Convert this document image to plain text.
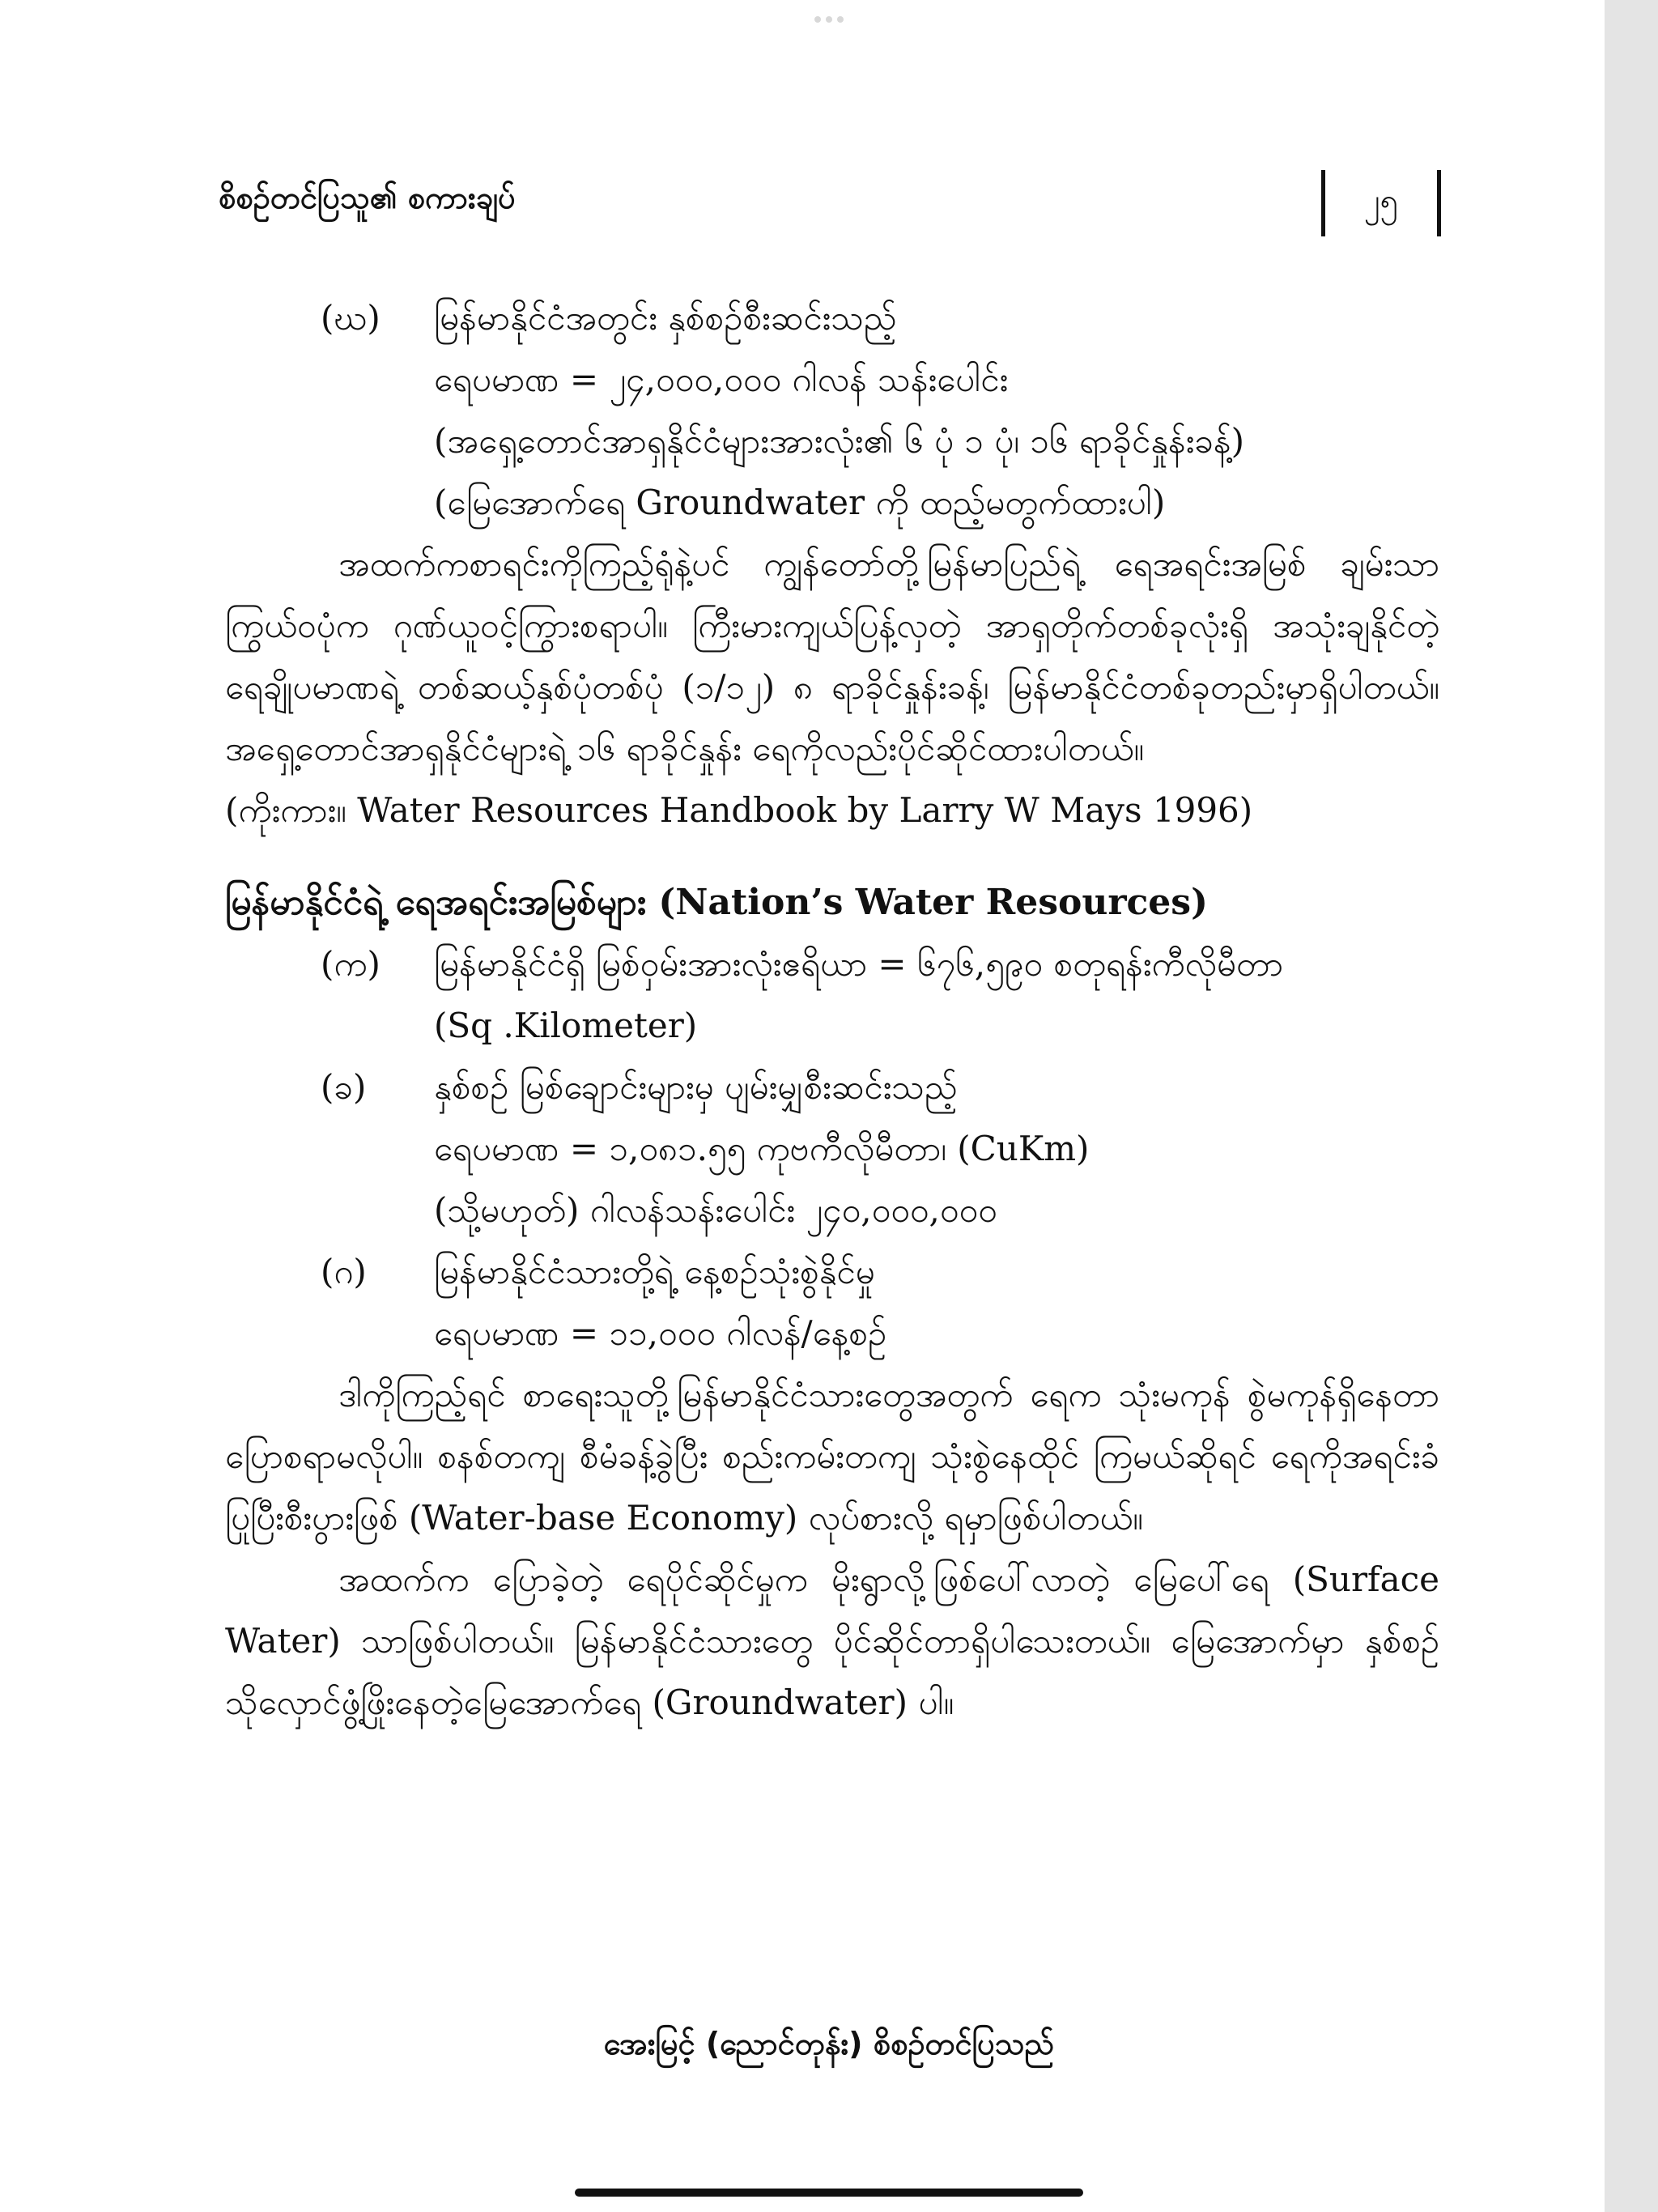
စိစဉ်တင်ပြသူ၏ စကားချပ်	၂၅
(ဃ)	မြန်မာနိုင်ငံအတွင်း နှစ်စဉ်စီးဆင်းသည့်
ရေပမာဏ = ၂၄,၀၀၀,၀၀၀ ဂါလန် သန်းပေါင်း
(အရှေ့တောင်အာရှနိုင်ငံများအားလုံး၏ ၆ ပုံ ၁ ပုံ၊ ၁၆ ရာခိုင်နှုန်းခန့်)
(မြေအောက်ရေ Groundwater ကို ထည့်မတွက်ထားပါ)
အထက်ကစာရင်းကိုကြည့်ရုံနဲ့ပင် ကျွန်တော်တို့မြန်မာပြည်ရဲ့ ရေအရင်းအမြစ် ချမ်းသာကြွယ်ဝပုံက ဂုဏ်ယူဝင့်ကြွားစရာပါ။ ကြီးမားကျယ်ပြန့်လှတဲ့ အာရှတိုက်တစ်ခုလုံးရှိ အသုံးချနိုင်တဲ့ ရေချိုပမာဏရဲ့ တစ်ဆယ့်နှစ်ပုံတစ်ပုံ (၁/၁၂) ၈ ရာခိုင်နှုန်းခန့်၊ မြန်မာနိုင်ငံတစ်ခုတည်းမှာရှိပါတယ်။ အရှေ့တောင်အာရှနိုင်ငံများရဲ့ ၁၆ ရာခိုင်နှုန်း ရေကိုလည်းပိုင်ဆိုင်ထားပါတယ်။
(ကိုးကား။ Water Resources Handbook by Larry W Mays 1996)
မြန်မာနိုင်ငံရဲ့ ရေအရင်းအမြစ်များ (Nation’s Water Resources)
(က)	မြန်မာနိုင်ငံရှိ မြစ်ဝှမ်းအားလုံးဧရိယာ = ၆၇၆,၅၉၀ စတုရန်းကီလိုမီတာ
(Sq .Kilometer)
(ခ)	နှစ်စဉ် မြစ်ချောင်းများမှ ပျမ်းမျှစီးဆင်းသည့်
ရေပမာဏ = ၁,၀၈၁.၅၅ ကုဗကီလိုမီတာ၊ (CuKm)
(သို့မဟုတ်) ဂါလန်သန်းပေါင်း ၂၄၀,၀၀၀,၀၀၀
(ဂ)	မြန်မာနိုင်ငံသားတို့ရဲ့ နေ့စဉ်သုံးစွဲနိုင်မှု
ရေပမာဏ = ၁၁,၀၀၀ ဂါလန်/နေ့စဉ်
ဒါကိုကြည့်ရင် စာရေးသူတို့မြန်မာနိုင်ငံသားတွေအတွက် ရေက သုံးမကုန် စွဲမကုန်ရှိနေတာ ပြောစရာမလိုပါ။ စနစ်တကျ စီမံခန့်ခွဲပြီး စည်းကမ်းတကျ သုံးစွဲနေထိုင် ကြမယ်ဆိုရင် ရေကိုအရင်းခံပြုပြီးစီးပွားဖြစ် (Water-base Economy) လုပ်စားလို့ ရမှာဖြစ်ပါတယ်။
အထက်က ပြောခဲ့တဲ့ ရေပိုင်ဆိုင်မှုက မိုးရွာလို့ဖြစ်ပေါ်လာတဲ့ မြေပေါ်ရေ (Surface Water) သာဖြစ်ပါတယ်။ မြန်မာနိုင်ငံသားတွေ ပိုင်ဆိုင်တာရှိပါသေးတယ်။ မြေအောက်မှာ နှစ်စဉ်သိုလှောင်ဖွံ့ဖြိုးနေတဲ့မြေအောက်ရေ (Groundwater) ပါ။
အေးမြင့် (ညောင်တုန်း) စိစဉ်တင်ပြသည်
